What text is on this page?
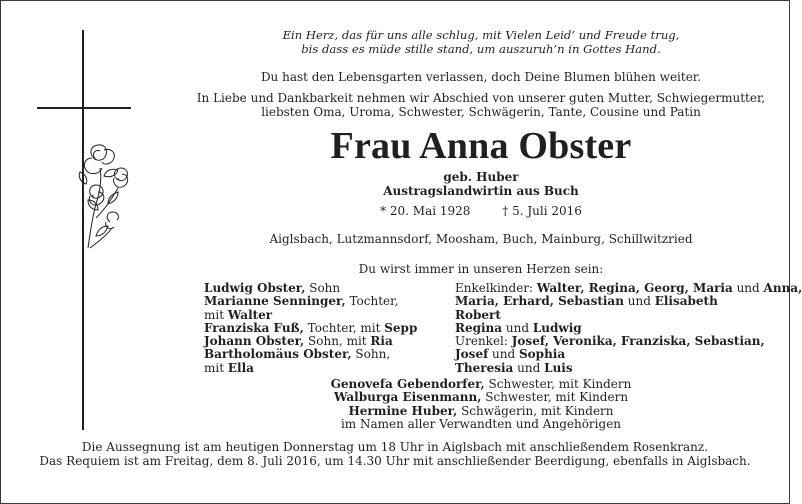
Ein Herz, das für uns alle schlug, mit Vielen Leid’ und Freude trug,
bis dass es müde stille stand, um auszuruh’n in Gottes Hand.
Du hast den Lebensgarten verlassen, doch Deine Blumen blühen weiter.
In Liebe und Dankbarkeit nehmen wir Abschied von unserer guten Mutter, Schwiegermutter,
liebsten Oma, Uroma, Schwester, Schwägerin, Tante, Cousine und Patin
Frau Anna Obster
geb. Huber
Austragslandwirtin aus Buch
* 20. Mai 1928	† 5. Juli 2016
Aiglsbach, Lutzmannsdorf, Moosham, Buch, Mainburg, Schillwitzried
Du wirst immer in unseren Herzen sein:
Ludwig Obster, Sohn
Marianne Senninger, Tochter,
mit Walter
Franziska Fuß, Tochter, mit Sepp
Johann Obster, Sohn, mit Ria
Bartholomäus Obster, Sohn,
mit Ella
Enkelkinder: Walter, Regina, Georg, Maria und Anna,
Maria, Erhard, Sebastian und Elisabeth
Robert
Regina und Ludwig
Urenkel: Josef, Veronika, Franziska, Sebastian,
Josef und Sophia
Theresia und Luis
Genovefa Gebendorfer, Schwester, mit Kindern
Walburga Eisenmann, Schwester, mit Kindern
Hermine Huber, Schwägerin, mit Kindern
im Namen aller Verwandten und Angehörigen
Die Aussegnung ist am heutigen Donnerstag um 18 Uhr in Aiglsbach mit anschließendem Rosenkranz.
Das Requiem ist am Freitag, dem 8. Juli 2016, um 14.30 Uhr mit anschließender Beerdigung, ebenfalls in Aiglsbach.
